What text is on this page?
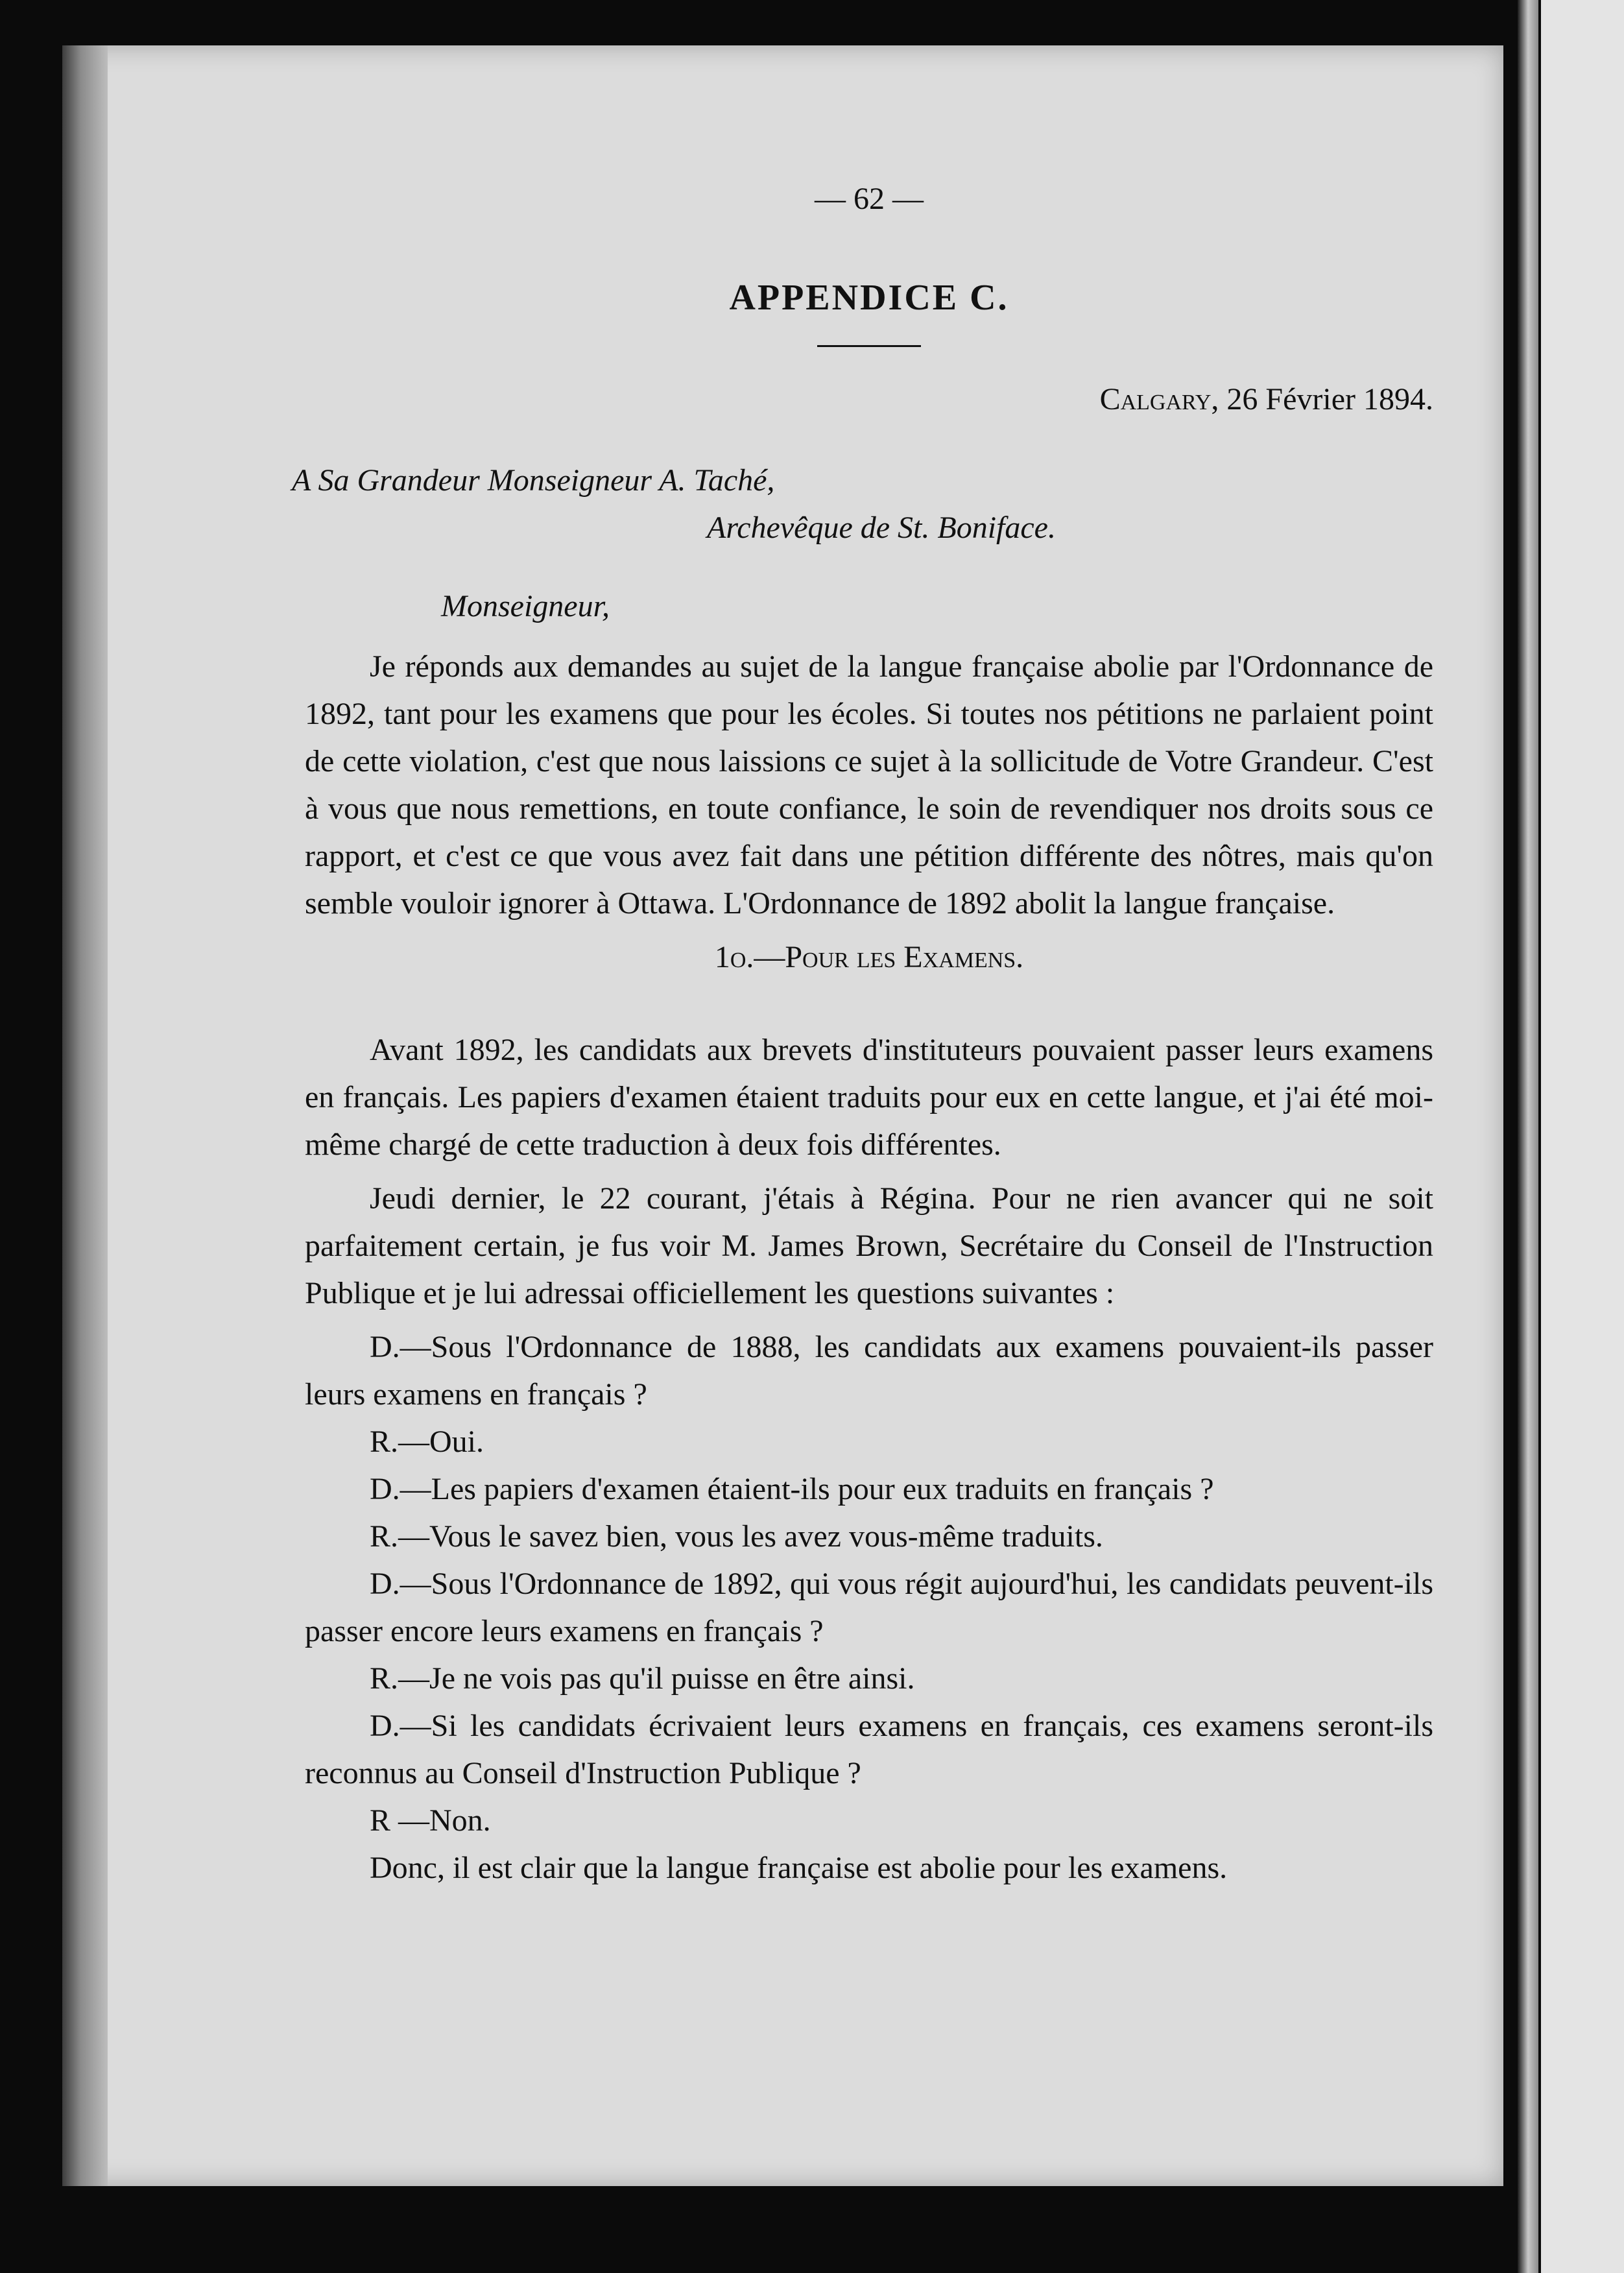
— 62 —
APPENDICE C.
Calgary, 26 Février 1894.
A Sa Grandeur Monseigneur A. Taché,
Archevêque de St. Boniface.
Monseigneur,

Je réponds aux demandes au sujet de la langue française abolie par l'Ordonnance de 1892, tant pour les examens que pour les écoles. Si toutes nos pétitions ne parlaient point de cette violation, c'est que nous laissions ce sujet à la sollicitude de Votre Grandeur. C'est à vous que nous remettions, en toute confiance, le soin de revendiquer nos droits sous ce rapport, et c'est ce que vous avez fait dans une pétition différente des nôtres, mais qu'on semble vouloir ignorer à Ottawa. L'Ordonnance de 1892 abolit la langue française.

1o.—Pour les Examens.

Avant 1892, les candidats aux brevets d'instituteurs pouvaient passer leurs examens en français. Les papiers d'examen étaient traduits pour eux en cette langue, et j'ai été moi-même chargé de cette traduction à deux fois différentes.

Jeudi dernier, le 22 courant, j'étais à Régina. Pour ne rien avancer qui ne soit parfaitement certain, je fus voir M. James Brown, Secrétaire du Conseil de l'Instruction Publique et je lui adressai officiellement les questions suivantes :

D.—Sous l'Ordonnance de 1888, les candidats aux examens pouvaient-ils passer leurs examens en français ?

R.—Oui.

D.—Les papiers d'examen étaient-ils pour eux traduits en français ?

R.—Vous le savez bien, vous les avez vous-même traduits.

D.—Sous l'Ordonnance de 1892, qui vous régit aujourd'hui, les candidats peuvent-ils passer encore leurs examens en français ?

R.—Je ne vois pas qu'il puisse en être ainsi.

D.—Si les candidats écrivaient leurs examens en français, ces examens seront-ils reconnus au Conseil d'Instruction Publique ?

R —Non.

Donc, il est clair que la langue française est abolie pour les examens.
